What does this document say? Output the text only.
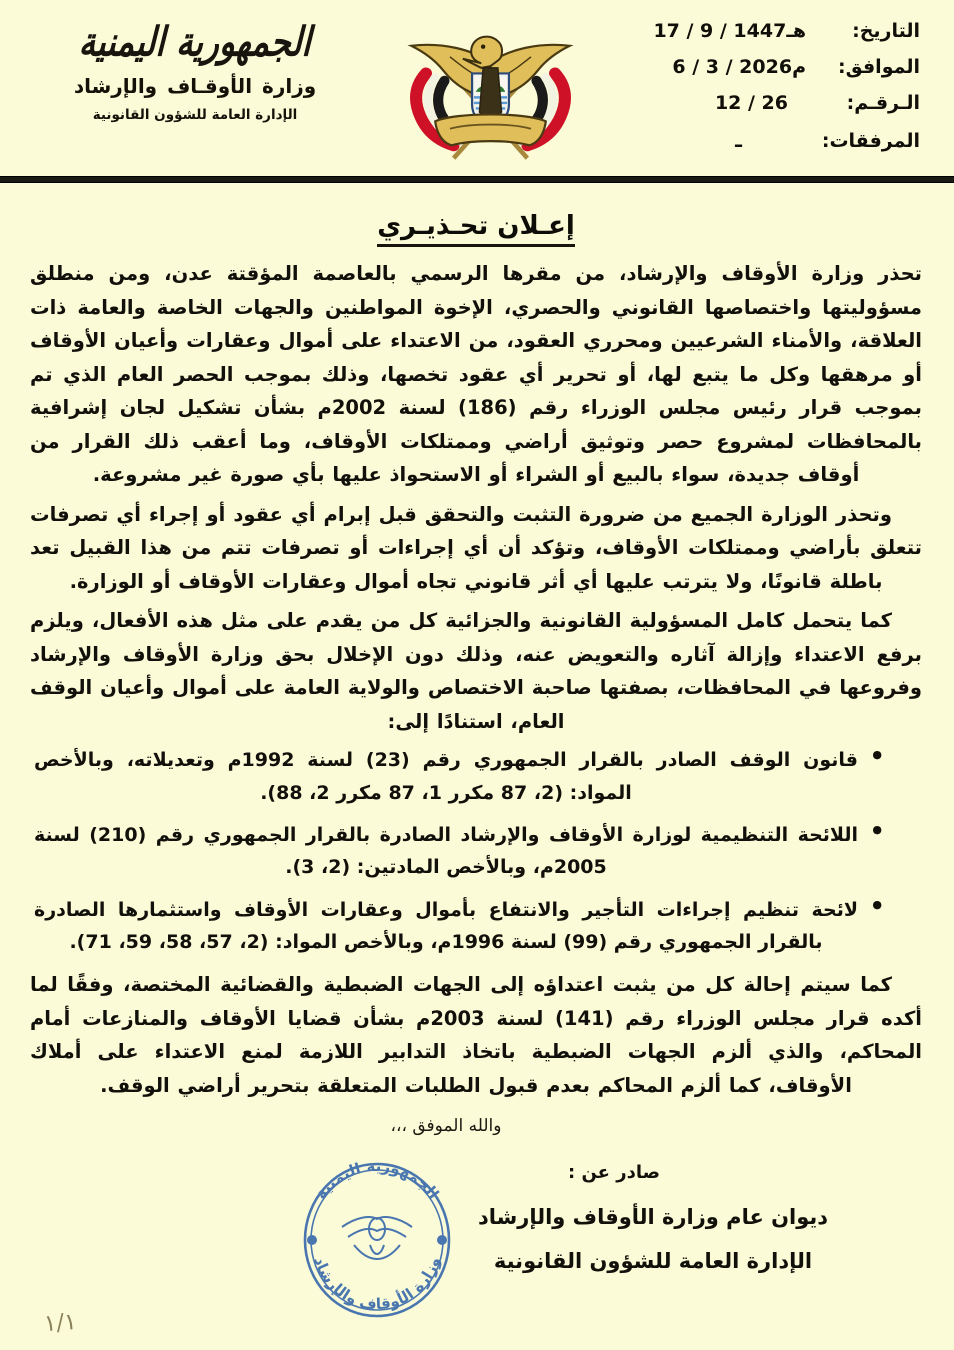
الجمهورية اليمنية
وزارة الأوقـاف والإرشاد
الإدارة العامة للشؤون القانونية
التاريخ:
17 / 9 / 1447هـ
الموافق:
6 / 3 / 2026م
الـرقـم:
12 / 26
المرفقات:
ـ
إعـلان تحـذيـري

تحذر وزارة الأوقاف والإرشاد، من مقرها الرسمي بالعاصمة المؤقتة عدن، ومن منطلق مسؤوليتها واختصاصها القانوني والحصري، الإخوة المواطنين والجهات الخاصة والعامة ذات العلاقة، والأمناء الشرعيين ومحرري العقود، من الاعتداء على أموال وعقارات وأعيان الأوقاف أو مرهقها وكل ما يتبع لها، أو تحرير أي عقود تخصها، وذلك بموجب الحصر العام الذي تم بموجب قرار رئيس مجلس الوزراء رقم (186) لسنة 2002م بشأن تشكيل لجان إشرافية بالمحافظات لمشروع حصر وتوثيق أراضي وممتلكات الأوقاف، وما أعقب ذلك القرار من أوقاف جديدة، سواء بالبيع أو الشراء أو الاستحواذ عليها بأي صورة غير مشروعة.

وتحذر الوزارة الجميع من ضرورة التثبت والتحقق قبل إبرام أي عقود أو إجراء أي تصرفات تتعلق بأراضي وممتلكات الأوقاف، وتؤكد أن أي إجراءات أو تصرفات تتم من هذا القبيل تعد باطلة قانونًا، ولا يترتب عليها أي أثر قانوني تجاه أموال وعقارات الأوقاف أو الوزارة.

كما يتحمل كامل المسؤولية القانونية والجزائية كل من يقدم على مثل هذه الأفعال، ويلزم برفع الاعتداء وإزالة آثاره والتعويض عنه، وذلك دون الإخلال بحق وزارة الأوقاف والإرشاد وفروعها في المحافظات، بصفتها صاحبة الاختصاص والولاية العامة على أموال وأعيان الوقف العام، استنادًا إلى:

● قانون الوقف الصادر بالقرار الجمهوري رقم (23) لسنة 1992م وتعديلاته، وبالأخص المواد: (2، 87 مكرر 1، 87 مكرر 2، 88).
● اللائحة التنظيمية لوزارة الأوقاف والإرشاد الصادرة بالقرار الجمهوري رقم (210) لسنة 2005م، وبالأخص المادتين: (2، 3).
● لائحة تنظيم إجراءات التأجير والانتفاع بأموال وعقارات الأوقاف واستثمارها الصادرة بالقرار الجمهوري رقم (99) لسنة 1996م، وبالأخص المواد: (2، 57، 58، 59، 71).

كما سيتم إحالة كل من يثبت اعتداؤه إلى الجهات الضبطية والقضائية المختصة، وفقًا لما أكده قرار مجلس الوزراء رقم (141) لسنة 2003م بشأن قضايا الأوقاف والمنازعات أمام المحاكم، والذي ألزم الجهات الضبطية باتخاذ التدابير اللازمة لمنع الاعتداء على أملاك الأوقاف، كما ألزم المحاكم بعدم قبول الطلبات المتعلقة بتحرير أراضي الوقف.

والله الموفق ،،،
صادر عن :
ديوان عام وزارة الأوقاف والإرشاد
الإدارة العامة للشؤون القانونية
الجمهورية اليمنية
وزارة الأوقاف والإرشاد
١/١
